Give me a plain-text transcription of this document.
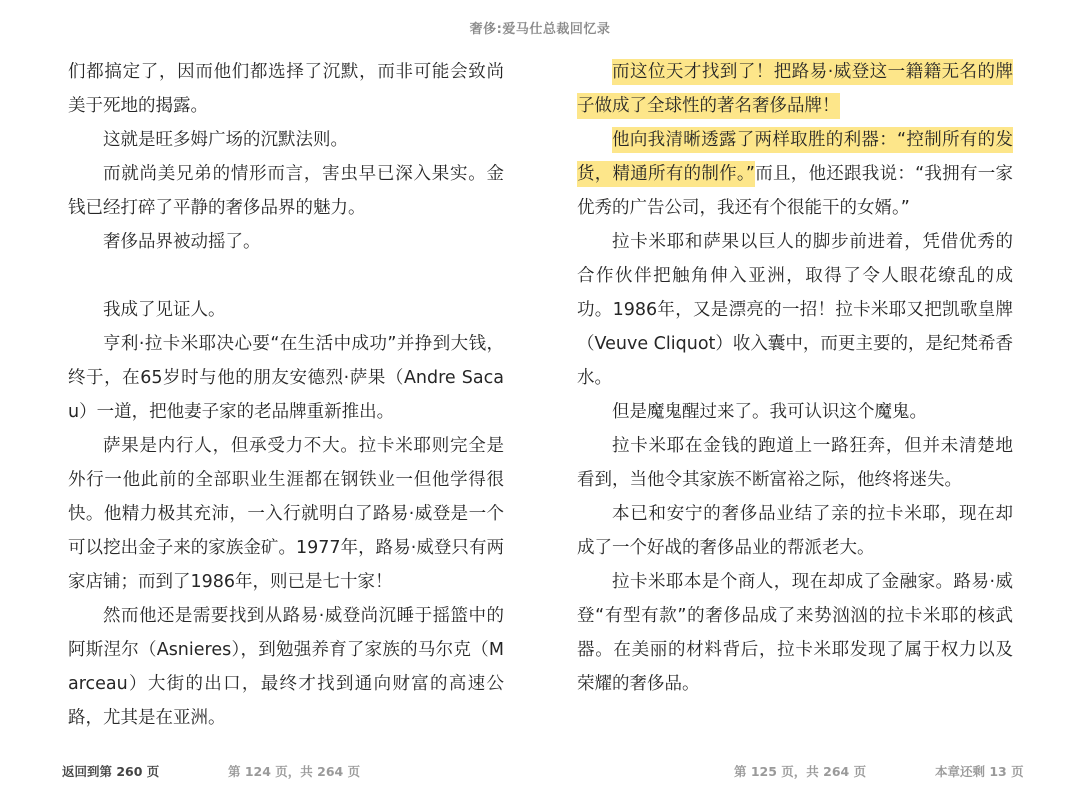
奢侈:爱马仕总裁回忆录

们都搞定了，因而他们都选择了沉默，而非可能会致尚美于死地的揭露。

这就是旺多姆广场的沉默法则。

而就尚美兄弟的情形而言，害虫早已深入果实。金钱已经打碎了平静的奢侈品界的魅力。

奢侈品界被动摇了。

我成了见证人。

亨利·拉卡米耶决心要“在生活中成功”并挣到大钱，终于，在65岁时与他的朋友安德烈·萨果（Andre Sacau）一道，把他妻子家的老品牌重新推出。

萨果是内行人，但承受力不大。拉卡米耶则完全是外行一他此前的全部职业生涯都在钢铁业一但他学得很快。他精力极其充沛，一入行就明白了路易·威登是一个可以挖出金子来的家族金矿。1977年，路易·威登只有两家店铺；而到了1986年，则已是七十家！

然而他还是需要找到从路易·威登尚沉睡于摇篮中的阿斯涅尔（Asnieres），到勉强养育了家族的马尔克（Marceau）大街的出口，最终才找到通向财富的高速公路，尤其是在亚洲。

而这位天才找到了！把路易·威登这一籍籍无名的牌子做成了全球性的著名奢侈品牌！

他向我清晰透露了两样取胜的利器：“控制所有的发货，精通所有的制作。”而且，他还跟我说：“我拥有一家优秀的广告公司，我还有个很能干的女婿。”

拉卡米耶和萨果以巨人的脚步前进着，凭借优秀的合作伙伴把触角伸入亚洲，取得了令人眼花缭乱的成功。1986年，又是漂亮的一招！拉卡米耶又把凯歌皇牌（Veuve Cliquot）收入囊中，而更主要的，是纪梵希香水。

但是魔鬼醒过来了。我可认识这个魔鬼。

拉卡米耶在金钱的跑道上一路狂奔，但并未清楚地看到，当他令其家族不断富裕之际，他终将迷失。

本已和安宁的奢侈品业结了亲的拉卡米耶，现在却成了一个好战的奢侈品业的帮派老大。

拉卡米耶本是个商人，现在却成了金融家。路易·威登“有型有款”的奢侈品成了来势汹汹的拉卡米耶的核武器。在美丽的材料背后，拉卡米耶发现了属于权力以及荣耀的奢侈品。

返回到第 260 页	第 124 页，共 264 页	第 125 页，共 264 页	本章还剩 13 页
